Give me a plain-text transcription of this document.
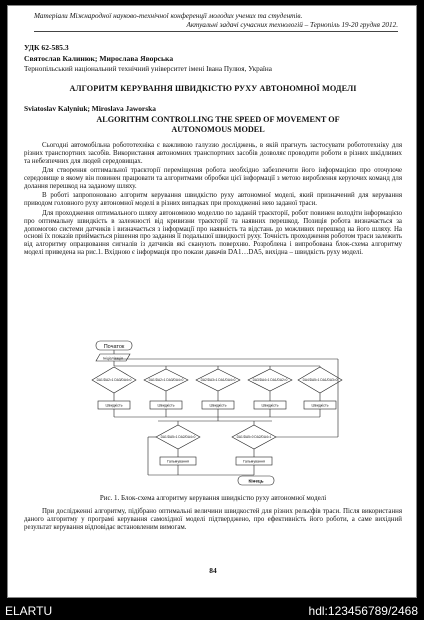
Матеріали Міжнародної науково-технічної конференції молодих учених та студентів.
Актуальні задачі сучасних технологій – Тернопіль 19-20 грудня 2012.
УДК 62-585.3
Святослав Калинюк; Мирослава Яворська
Тернопільський національний технічний університет імені Івана Пулюя, Україна
АЛГОРИТМ КЕРУВАННЯ ШВИДКІСТЮ РУХУ АВТОНОМНОЇ МОДЕЛІ
Sviatoslav Kalyniuk; Miroslava Jaworska
ALGORITHM CONTROLLING THE SPEED OF MOVEMENT OF AUTONOMOUS MODEL

Сьогодні автомобільна робототехніка є важливою галуззю досліджень, в якій прагнуть застосувати робототехніку для різних транспортних засобів. Використання автономних транспортних засобів дозволяє проводити роботи в різних шкідливих та небезпечних для людей середовищах.

Для створення оптимальної траєкторії переміщення робота необхідно забезпечити його інформацією про оточуюче середовище в якому він повинен працювати та алгоритмами обробки цієї інформації з метою вироблення керуючих команд для долання перешкод на заданому шляху.

В роботі запропоновано алгоритм керування швидкістю руху автономної моделі, який призначений для керування приводом головного руху автономної моделі в різних випадках при проходженні нею заданої траси.

Для проходження оптимального шляху автономною моделлю по заданій траєкторії, робот повинен володіти інформацією про оптимальну швидкість в залежності від кривизни траєкторії та наявних перешкод. Позиція робота визначається за допомогою системи датчиків і визначається з інформації про наявність та відстань до можливих перешкод на його шляху. На основі їх показів приймається рішення про задання її подальшої швидкості руху. Точність проходження роботом траси залежить від алгоритму опрацювання сигналів із датчиків які сканують поверхню. Розроблена і випробована блок-схема алгоритму моделі приведена на рис.1. Вхідною є інформація про покази давачів DA1…DA5, вихідна – швидкість руху моделі.

Початок
Ініціалізація
DA1/DA2=1 DA3/DA4=0	DA1/DA2=1 DA3/DA4=0	DA2/DA3=1 DA1/DA4=0	DA3/DA4=1 DA1/DA2=0	DA4/DA5=1 DA1/DA3=0
Швидкість	Швидкість	Швидкість	Швидкість	Швидкість
DA1/DA5=1 DA2/DA4=0	DA1/DA5=0 DA2/DA4=1
Гальмування	Гальмування
Кінець
Рис. 1. Блок-схема алгоритму керування швидкістю руху автономної моделі

При дослідженні алгоритму, підібрано оптимальні величини швидкостей для різних рельєфів траси. Після використання даного алгоритму у програмі керування самохідної моделі підтверджено, про ефективність його роботи, а саме вихідний результат керування відповідає встановленим вимогам.

84
ELARTU	hdl:123456789/2468
